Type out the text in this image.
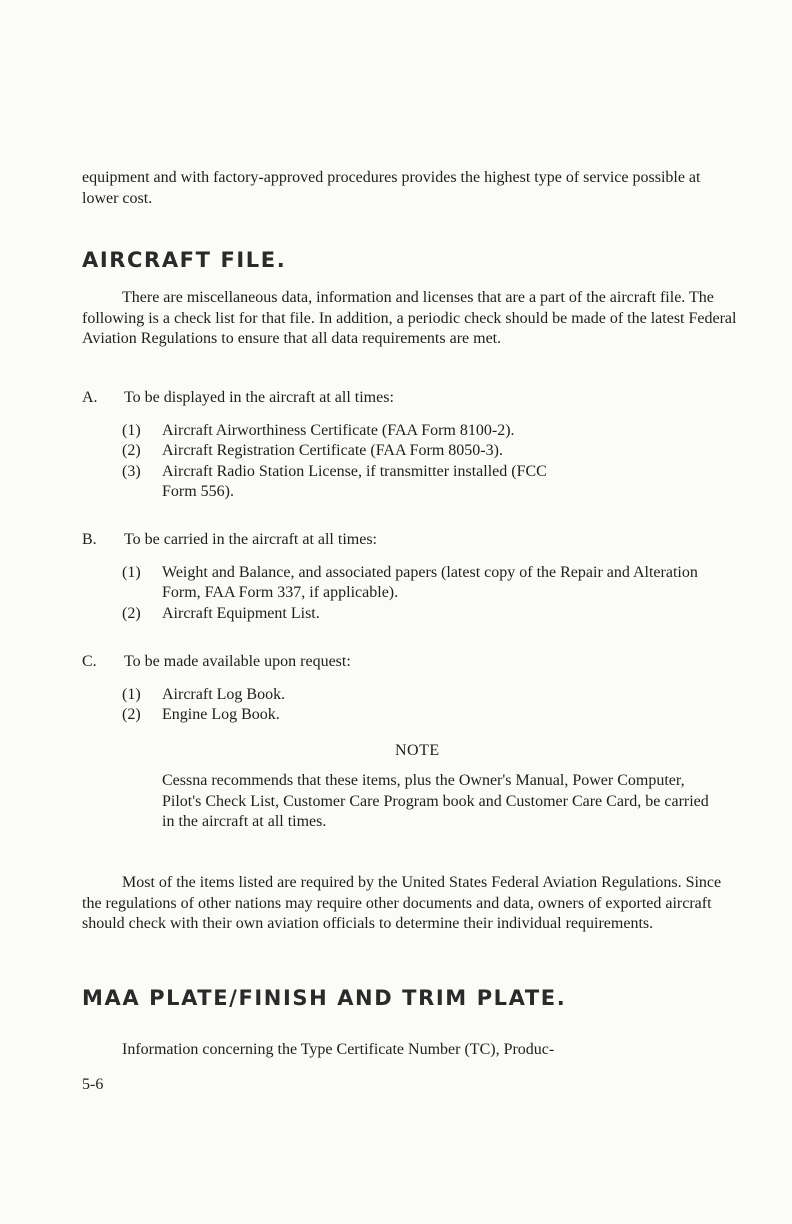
equipment and with factory-approved procedures provides the highest type of service possible at lower cost.

AIRCRAFT FILE.

There are miscellaneous data, information and licenses that are a part of the aircraft file. The following is a check list for that file. In addition, a periodic check should be made of the latest Federal Aviation Regulations to ensure that all data requirements are met.

A.	To be displayed in the aircraft at all times:
(1)	Aircraft Airworthiness Certificate (FAA Form 8100-2).
(2)	Aircraft Registration Certificate (FAA Form 8050-3).
(3)	Aircraft Radio Station License, if transmitter installed (FCC Form 556).
B.	To be carried in the aircraft at all times:
(1)	Weight and Balance, and associated papers (latest copy of the Repair and Alteration Form, FAA Form 337, if applicable).
(2)	Aircraft Equipment List.
C.	To be made available upon request:
(1)	Aircraft Log Book.
(2)	Engine Log Book.
NOTE

Cessna recommends that these items, plus the Owner's Manual, Power Computer, Pilot's Check List, Customer Care Program book and Customer Care Card, be carried in the aircraft at all times.

Most of the items listed are required by the United States Federal Aviation Regulations. Since the regulations of other nations may require other documents and data, owners of exported aircraft should check with their own aviation officials to determine their individual requirements.

MAA PLATE/FINISH AND TRIM PLATE.

Information concerning the Type Certificate Number (TC), Produc-

5-6
